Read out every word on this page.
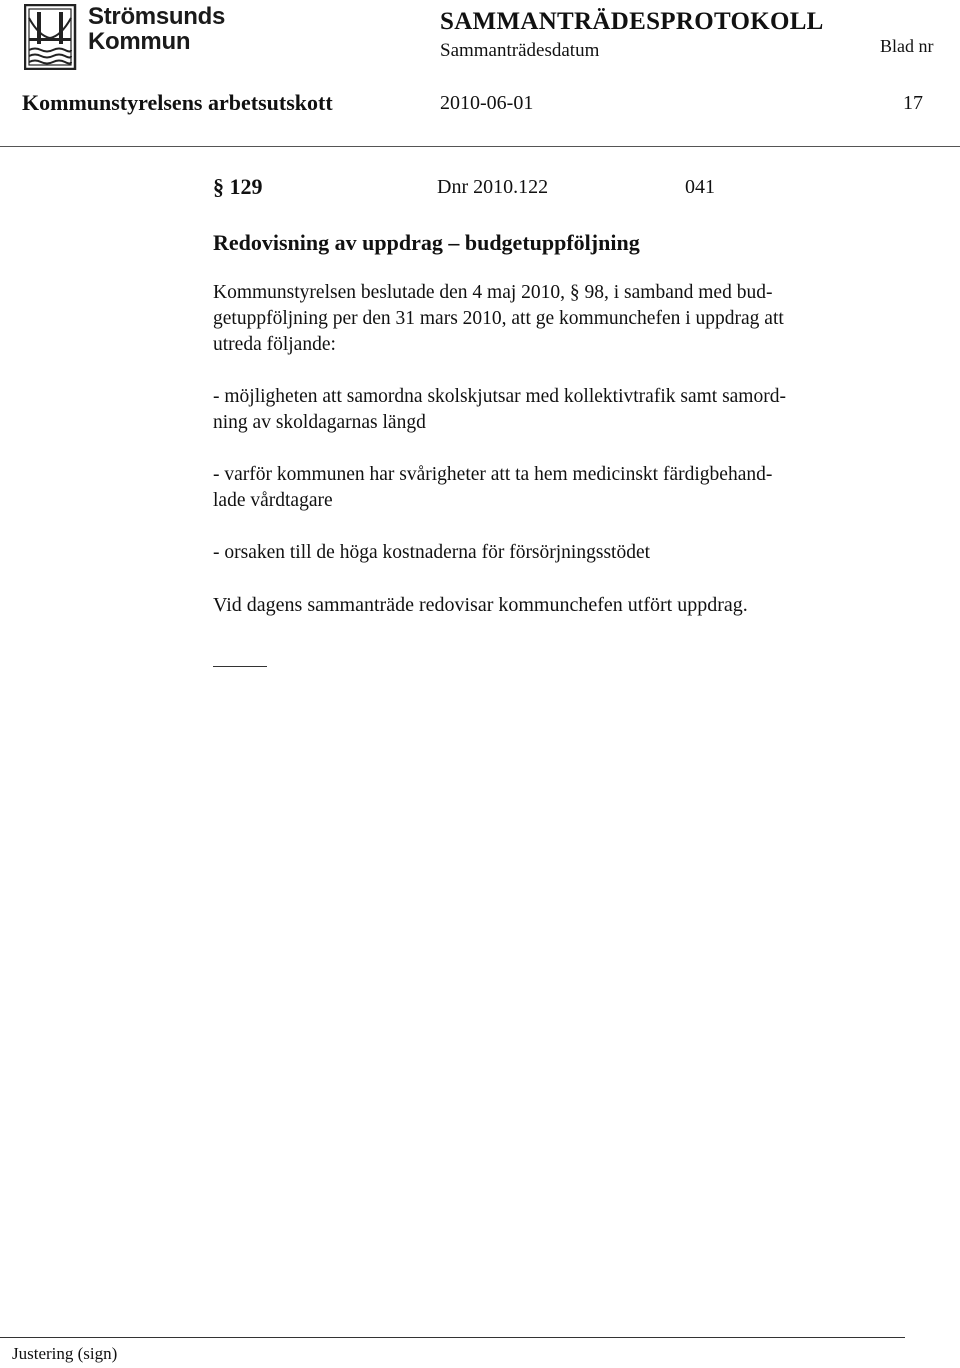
Strömsunds
Kommun
SAMMANTRÄDESPROTOKOLL
Sammanträdesdatum	Blad nr
Kommunstyrelsens arbetsutskott	2010-06-01	17
§ 129	Dnr 2010.122	041
Redovisning av uppdrag – budgetuppföljning

Kommunstyrelsen beslutade den 4 maj 2010, § 98, i samband med bud-
getuppföljning per den 31 mars 2010, att ge kommunchefen i uppdrag att
utreda följande:

- möjligheten att samordna skolskjutsar med kollektivtrafik samt samord-
ning av skoldagarnas längd

- varför kommunen har svårigheter att ta hem medicinskt färdigbehand-
lade vårdtagare

- orsaken till de höga kostnaderna för försörjningsstödet

Vid dagens sammanträde redovisar kommunchefen utfört uppdrag.

Justering (sign)
